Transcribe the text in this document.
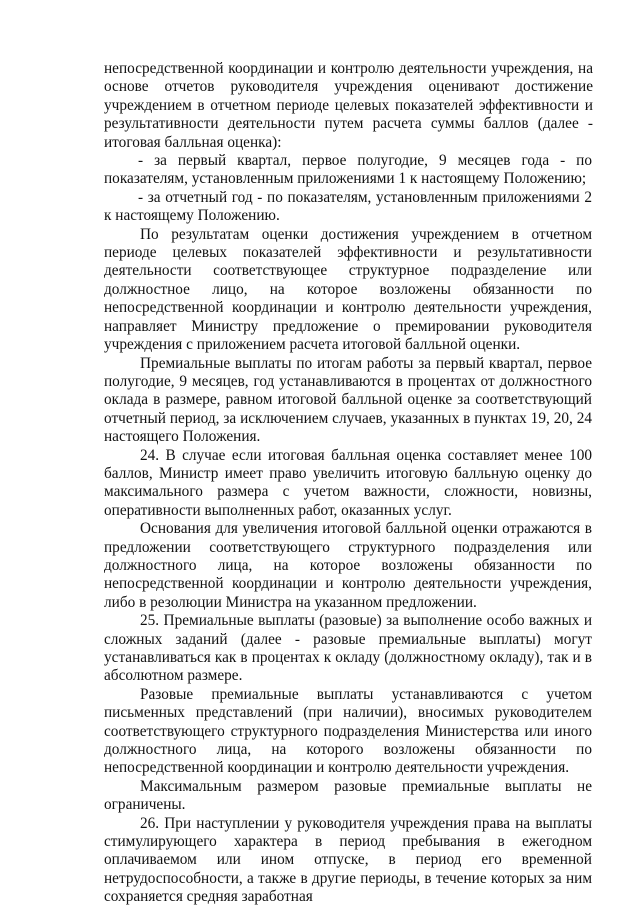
непосредственной координации и контролю деятельности учреждения, на основе отчетов руководителя учреждения оценивают достижение учреждением в отчетном периоде целевых показателей эффективности и результативности деятельности путем расчета суммы баллов (далее - итоговая балльная оценка):

- за первый квартал, первое полугодие, 9 месяцев года - по показателям, установленным приложениями 1 к настоящему Положению;

- за отчетный год - по показателям, установленным приложениями 2 к настоящему Положению.

По результатам оценки достижения учреждением в отчетном периоде целевых показателей эффективности и результативности деятельности соответствующее структурное подразделение или должностное лицо, на которое возложены обязанности по непосредственной координации и контролю деятельности учреждения, направляет Министру предложение о премировании руководителя учреждения с приложением расчета итоговой балльной оценки.

Премиальные выплаты по итогам работы за первый квартал, первое полугодие, 9 месяцев, год устанавливаются в процентах от должностного оклада в размере, равном итоговой балльной оценке за соответствующий отчетный период, за исключением случаев, указанных в пунктах 19, 20, 24 настоящего Положения.

24. В случае если итоговая балльная оценка составляет менее 100 баллов, Министр имеет право увеличить итоговую балльную оценку до максимального размера с учетом важности, сложности, новизны, оперативности выполненных работ, оказанных услуг.

Основания для увеличения итоговой балльной оценки отражаются в предложении соответствующего структурного подразделения или должностного лица, на которое возложены обязанности по непосредственной координации и контролю деятельности учреждения, либо в резолюции Министра на указанном предложении.

25. Премиальные выплаты (разовые) за выполнение особо важных и сложных заданий (далее - разовые премиальные выплаты) могут устанавливаться как в процентах к окладу (должностному окладу), так и в абсолютном размере.

Разовые премиальные выплаты устанавливаются с учетом письменных представлений (при наличии), вносимых руководителем соответствующего структурного подразделения Министерства или иного должностного лица, на которого возложены обязанности по непосредственной координации и контролю деятельности учреждения.

Максимальным размером разовые премиальные выплаты не ограничены.

26. При наступлении у руководителя учреждения права на выплаты стимулирующего характера в период пребывания в ежегодном оплачиваемом или ином отпуске, в период его временной нетрудоспособности, а также в другие периоды, в течение которых за ним сохраняется средняя заработная
